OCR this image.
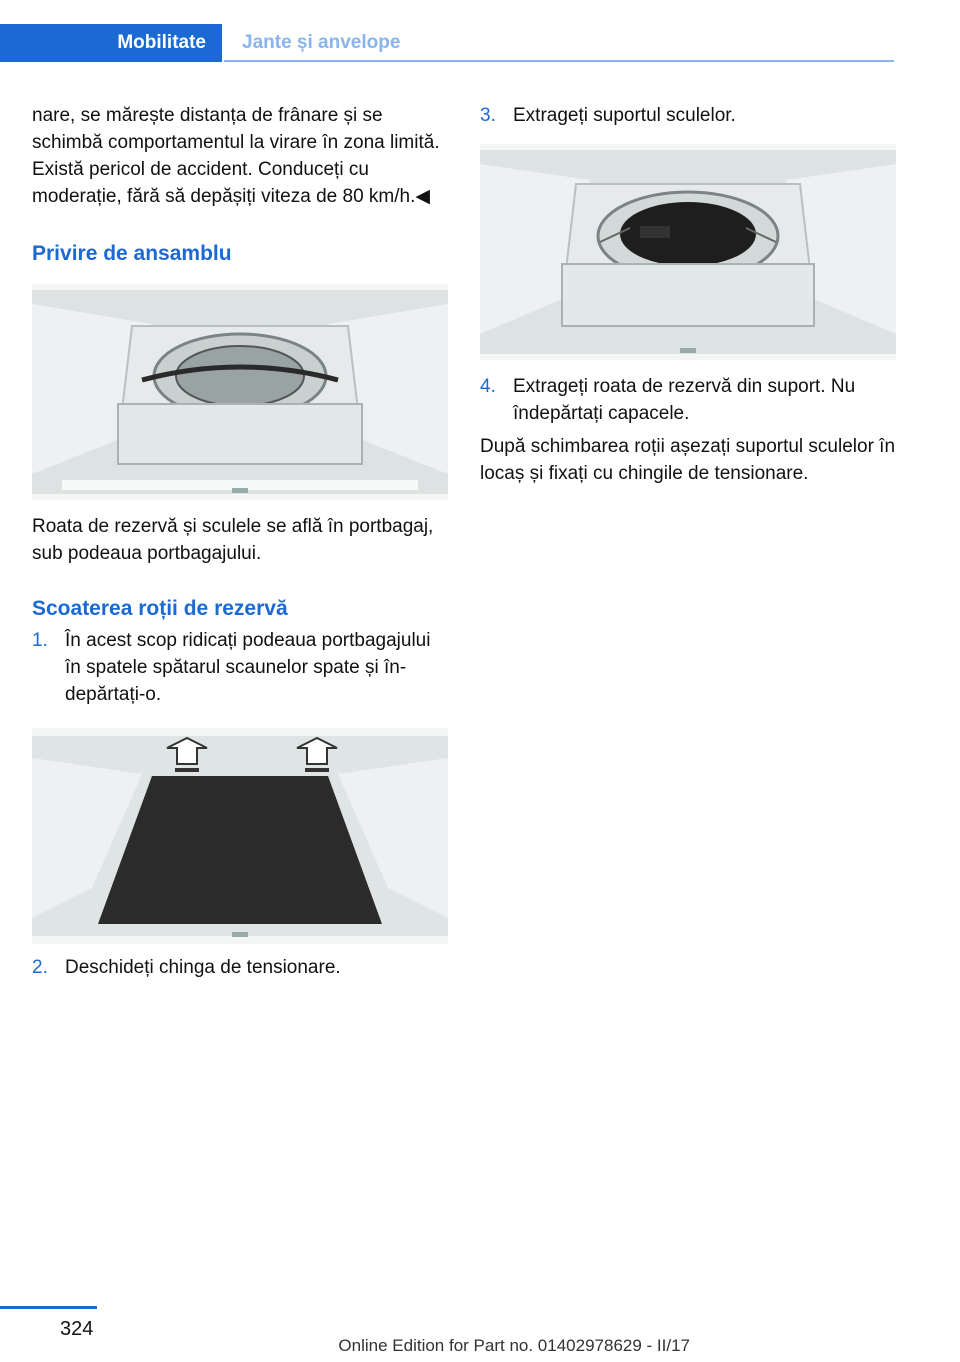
Mobilitate Jante și anvelope

nare, se mărește distanța de frânare și se schimbă comportamentul la virare în zona limită. Există pericol de accident. Conduceți cu moderație, fără să depășiți viteza de 80 km/h.◀

Privire de ansamblu

Roata de rezervă și sculele se află în portbagaj, sub podeaua portbagajului.

Scoaterea roții de rezervă
1. În acest scop ridicați podeaua portbagajului în spatele spătarul scaunelor spate și îndepărtați-o.
2. Deschideți chinga de tensionare.
3. Extrageți suportul sculelor.
4. Extrageți roata de rezervă din suport. Nu îndepărtați capacele.

După schimbarea roții așezați suportul sculelor în locaș și fixați cu chingile de tensionare.

324
Online Edition for Part no. 01402978629 - II/17
